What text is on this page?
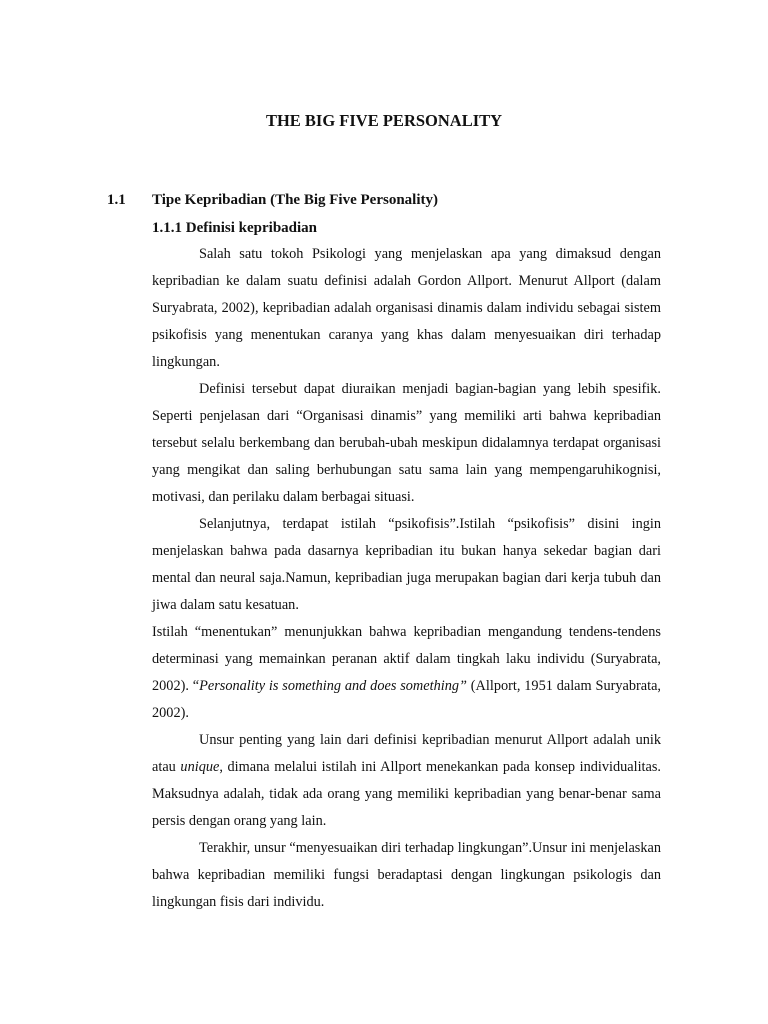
THE BIG FIVE PERSONALITY
1.1 Tipe Kepribadian (The Big Five Personality)
1.1.1 Definisi kepribadian

Salah satu tokoh Psikologi yang menjelaskan apa yang dimaksud dengan kepribadian ke dalam suatu definisi adalah Gordon Allport. Menurut Allport (dalam Suryabrata, 2002), kepribadian adalah organisasi dinamis dalam individu sebagai sistem psikofisis yang menentukan caranya yang khas dalam menyesuaikan diri terhadap lingkungan.

Definisi tersebut dapat diuraikan menjadi bagian-bagian yang lebih spesifik. Seperti penjelasan dari “Organisasi dinamis” yang memiliki arti bahwa kepribadian tersebut selalu berkembang dan berubah-ubah meskipun didalamnya terdapat organisasi yang mengikat dan saling berhubungan satu sama lain yang mempengaruhikognisi, motivasi, dan perilaku dalam berbagai situasi.

Selanjutnya, terdapat istilah “psikofisis”.Istilah “psikofisis” disini ingin menjelaskan bahwa pada dasarnya kepribadian itu bukan hanya sekedar bagian dari mental dan neural saja.Namun, kepribadian juga merupakan bagian dari kerja tubuh dan jiwa dalam satu kesatuan.

Istilah “menentukan” menunjukkan bahwa kepribadian mengandung tendens-tendens determinasi yang memainkan peranan aktif dalam tingkah laku individu (Suryabrata, 2002). “Personality is something and does something” (Allport, 1951 dalam Suryabrata, 2002).

Unsur penting yang lain dari definisi kepribadian menurut Allport adalah unik atau unique, dimana melalui istilah ini Allport menekankan pada konsep individualitas. Maksudnya adalah, tidak ada orang yang memiliki kepribadian yang benar-benar sama persis dengan orang yang lain.

Terakhir, unsur “menyesuaikan diri terhadap lingkungan”.Unsur ini menjelaskan bahwa kepribadian memiliki fungsi beradaptasi dengan lingkungan psikologis dan lingkungan fisis dari individu.
